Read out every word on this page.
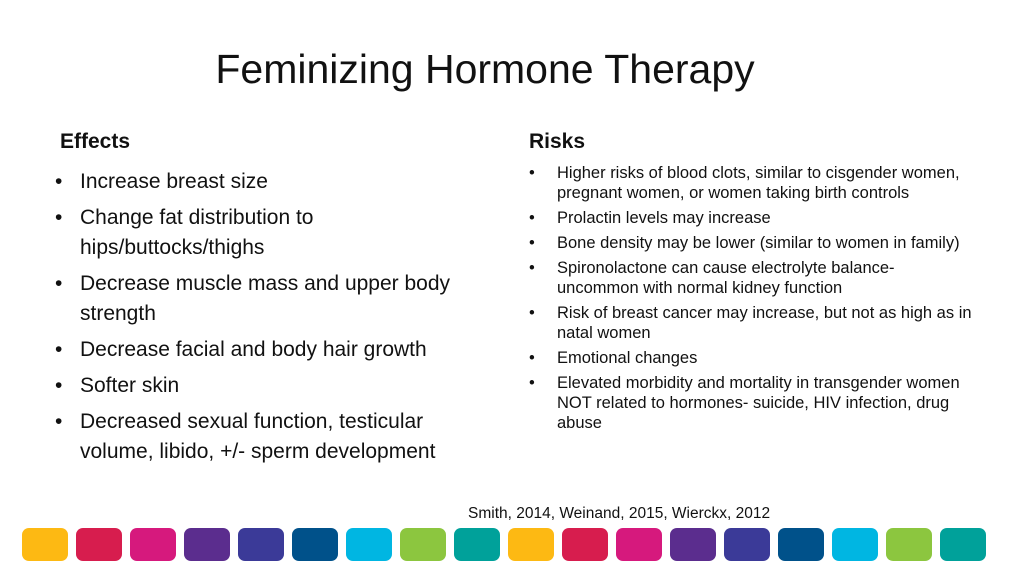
Feminizing Hormone Therapy
Effects
• Increase breast size
• Change fat distribution to hips/buttocks/thighs
• Decrease muscle mass and upper body strength
• Decrease facial and body hair growth
• Softer skin
• Decreased sexual function, testicular volume, libido, +/- sperm development
Risks
• Higher risks of blood clots, similar to cisgender women, pregnant women, or women taking birth controls
• Prolactin levels may increase
• Bone density may be lower (similar to women in family)
• Spironolactone can cause electrolyte balance- uncommon with normal kidney function
• Risk of breast cancer may increase, but not as high as in natal women
• Emotional changes
• Elevated morbidity and mortality in transgender women NOT related to hormones- suicide, HIV infection, drug abuse

Smith, 2014, Weinand, 2015, Wierckx, 2012
